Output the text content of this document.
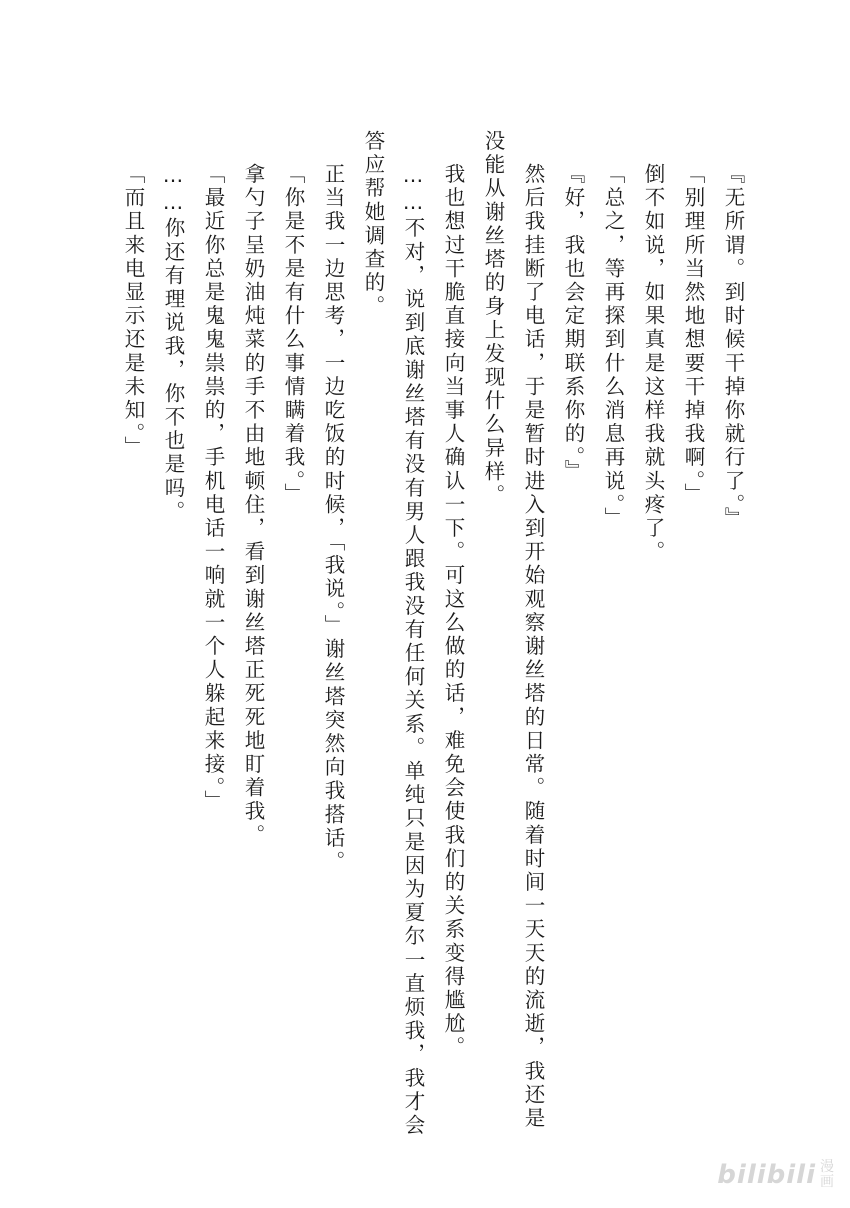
『无所谓。到时候干掉你就行了。』
「别理所当然地想要干掉我啊。」
倒不如说，如果真是这样我就头疼了。
「总之，等再探到什么消息再说。」
『好，我也会定期联系你的。』
然后我挂断了电话，于是暂时进入到开始观察谢丝塔的日常。随着时间一天天的流逝，我还是
没能从谢丝塔的身上发现什么异样。
我也想过干脆直接向当事人确认一下。可这么做的话，难免会使我们的关系变得尴尬。
……不对，说到底谢丝塔有没有男人跟我没有任何关系。单纯只是因为夏尔一直烦我，我才会
答应帮她调查的。
正当我一边思考，一边吃饭的时候，「我说。」谢丝塔突然向我搭话。
「你是不是有什么事情瞒着我。」
拿勺子呈奶油炖菜的手不由地顿住，看到谢丝塔正死死地盯着我。
「最近你总是鬼鬼祟祟的，手机电话一响就一个人躲起来接。」
……你还有理说我，你不也是吗。
「而且来电显示还是未知。」
bilibili 漫
画
